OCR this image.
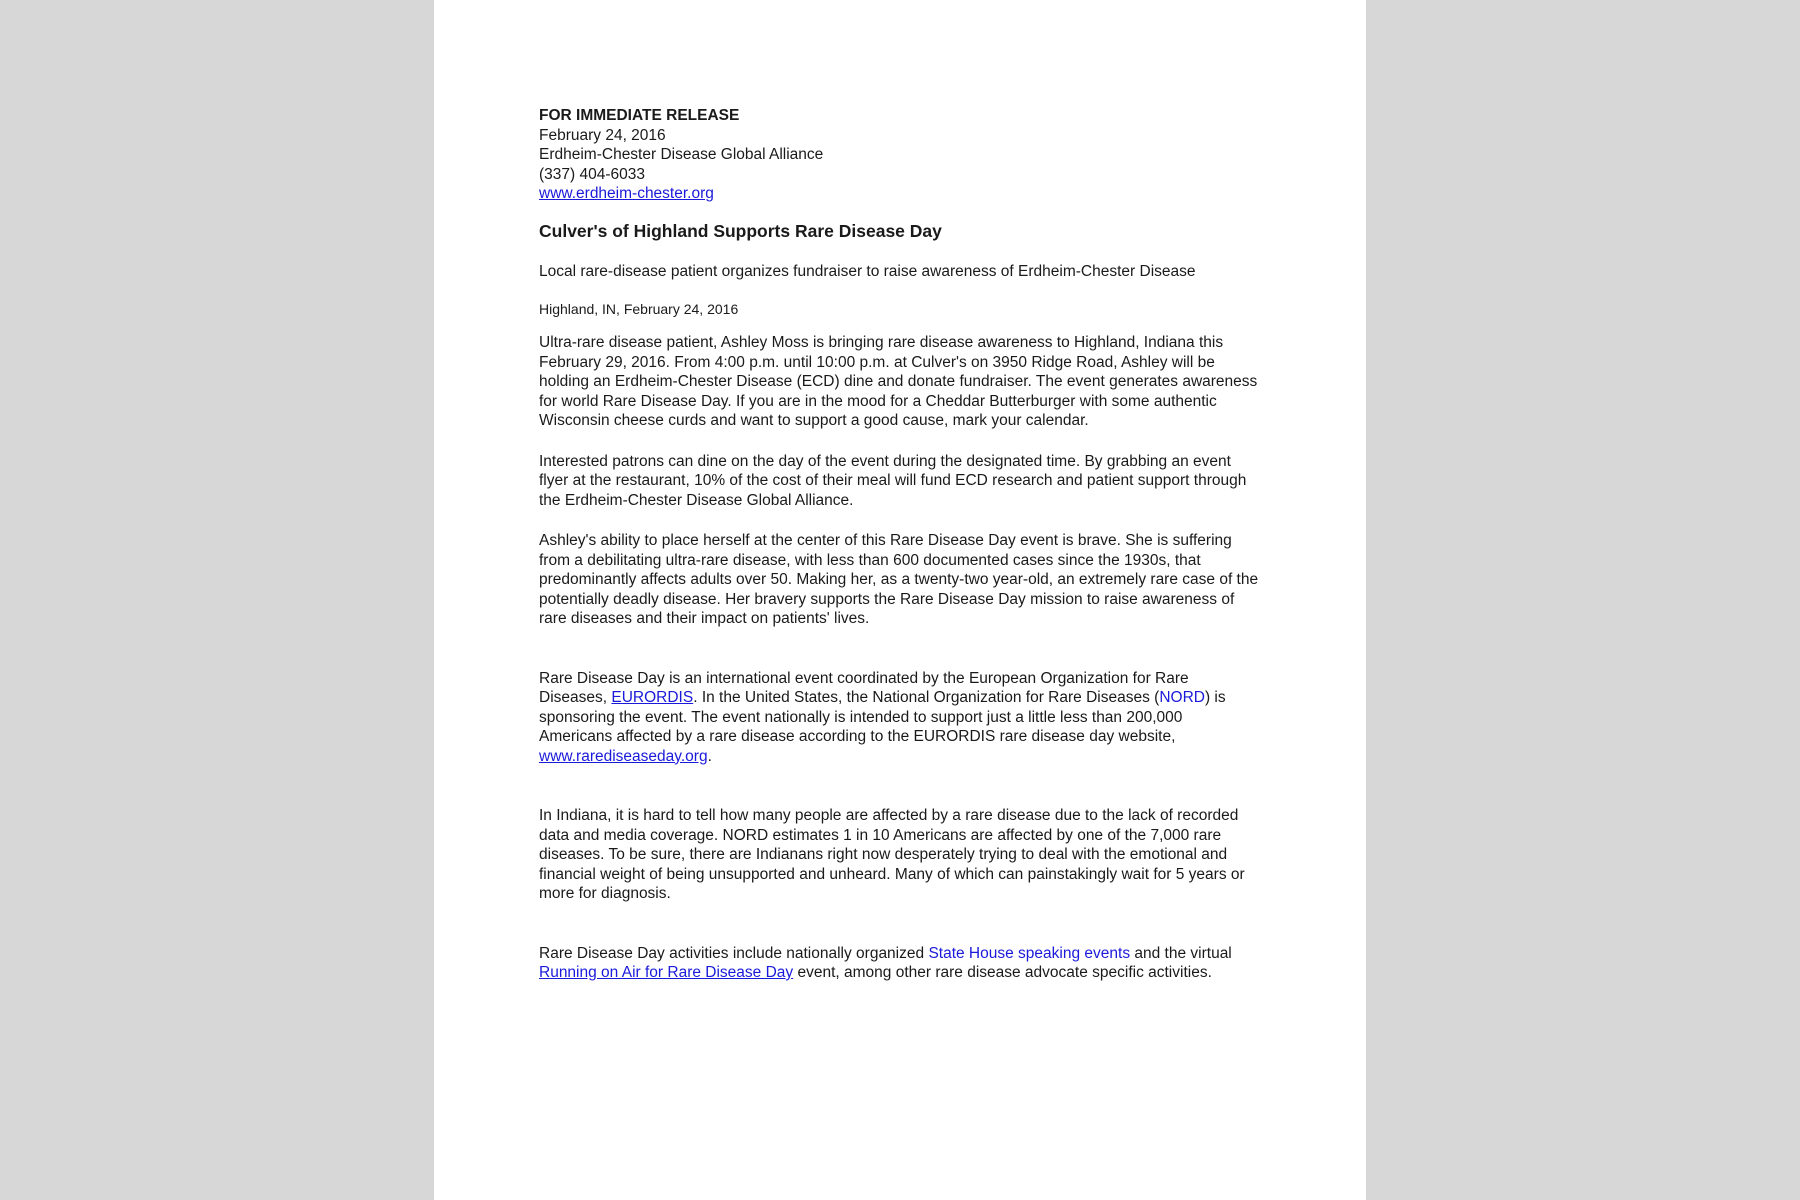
FOR IMMEDIATE RELEASE
February 24, 2016
Erdheim-Chester Disease Global Alliance
(337) 404-6033
www.erdheim-chester.org
Culver's of Highland Supports Rare Disease Day
Local rare-disease patient organizes fundraiser to raise awareness of Erdheim-Chester Disease
Highland, IN, February 24, 2016

Ultra-rare disease patient, Ashley Moss is bringing rare disease awareness to Highland, Indiana this February 29, 2016. From 4:00 p.m. until 10:00 p.m. at Culver's on 3950 Ridge Road, Ashley will be holding an Erdheim-Chester Disease (ECD) dine and donate fundraiser. The event generates awareness for world Rare Disease Day. If you are in the mood for a Cheddar Butterburger with some authentic Wisconsin cheese curds and want to support a good cause, mark your calendar.

Interested patrons can dine on the day of the event during the designated time. By grabbing an event flyer at the restaurant, 10% of the cost of their meal will fund ECD research and patient support through the Erdheim-Chester Disease Global Alliance.

Ashley's ability to place herself at the center of this Rare Disease Day event is brave. She is suffering from a debilitating ultra-rare disease, with less than 600 documented cases since the 1930s, that predominantly affects adults over 50. Making her, as a twenty-two year-old, an extremely rare case of the potentially deadly disease. Her bravery supports the Rare Disease Day mission to raise awareness of rare diseases and their impact on patients' lives.

Rare Disease Day is an international event coordinated by the European Organization for Rare Diseases, EURORDIS. In the United States, the National Organization for Rare Diseases (NORD) is sponsoring the event. The event nationally is intended to support just a little less than 200,000 Americans affected by a rare disease according to the EURORDIS rare disease day website, www.rarediseaseday.org.

In Indiana, it is hard to tell how many people are affected by a rare disease due to the lack of recorded data and media coverage. NORD estimates 1 in 10 Americans are affected by one of the 7,000 rare diseases. To be sure, there are Indianans right now desperately trying to deal with the emotional and financial weight of being unsupported and unheard. Many of which can painstakingly wait for 5 years or more for diagnosis.

Rare Disease Day activities include nationally organized State House speaking events and the virtual Running on Air for Rare Disease Day event, among other rare disease advocate specific activities.
